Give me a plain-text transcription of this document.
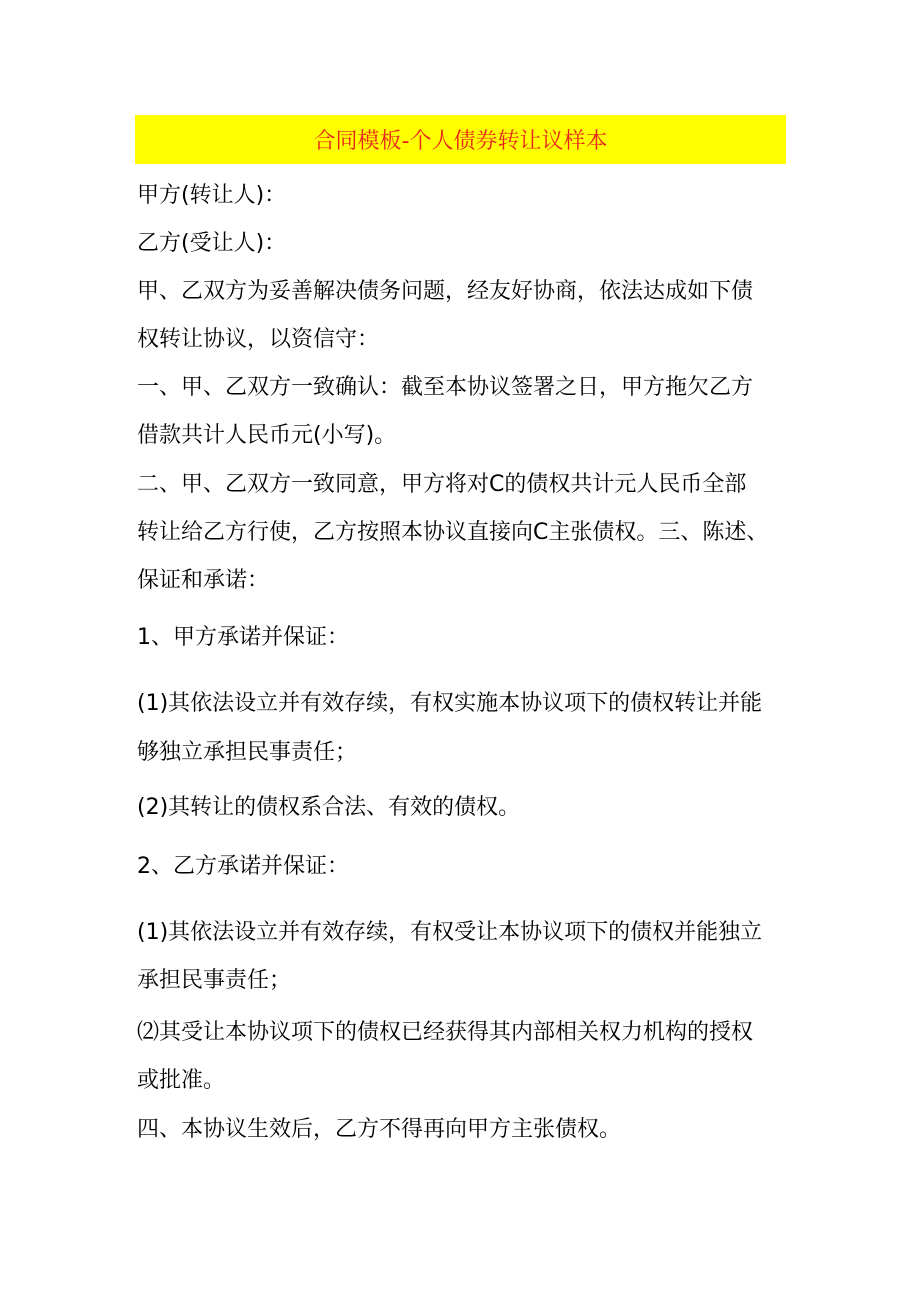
合同模板-个人债券转让议样本
甲方(转让人)：
乙方(受让人)：
甲、乙双方为妥善解决债务问题，经友好协商，依法达成如下债
权转让协议，以资信守：
一、甲、乙双方一致确认：截至本协议签署之日，甲方拖欠乙方
借款共计人民币元(小写)。
二、甲、乙双方一致同意，甲方将对C的债权共计元人民币全部
转让给乙方行使，乙方按照本协议直接向C主张债权。三、陈述、
保证和承诺：
1、甲方承诺并保证：
(1)其依法设立并有效存续，有权实施本协议项下的债权转让并能
够独立承担民事责任；
(2)其转让的债权系合法、有效的债权。
2、乙方承诺并保证：
(1)其依法设立并有效存续，有权受让本协议项下的债权并能独立
承担民事责任；
⑵其受让本协议项下的债权已经获得其内部相关权力机构的授权
或批准。
四、本协议生效后，乙方不得再向甲方主张债权。
